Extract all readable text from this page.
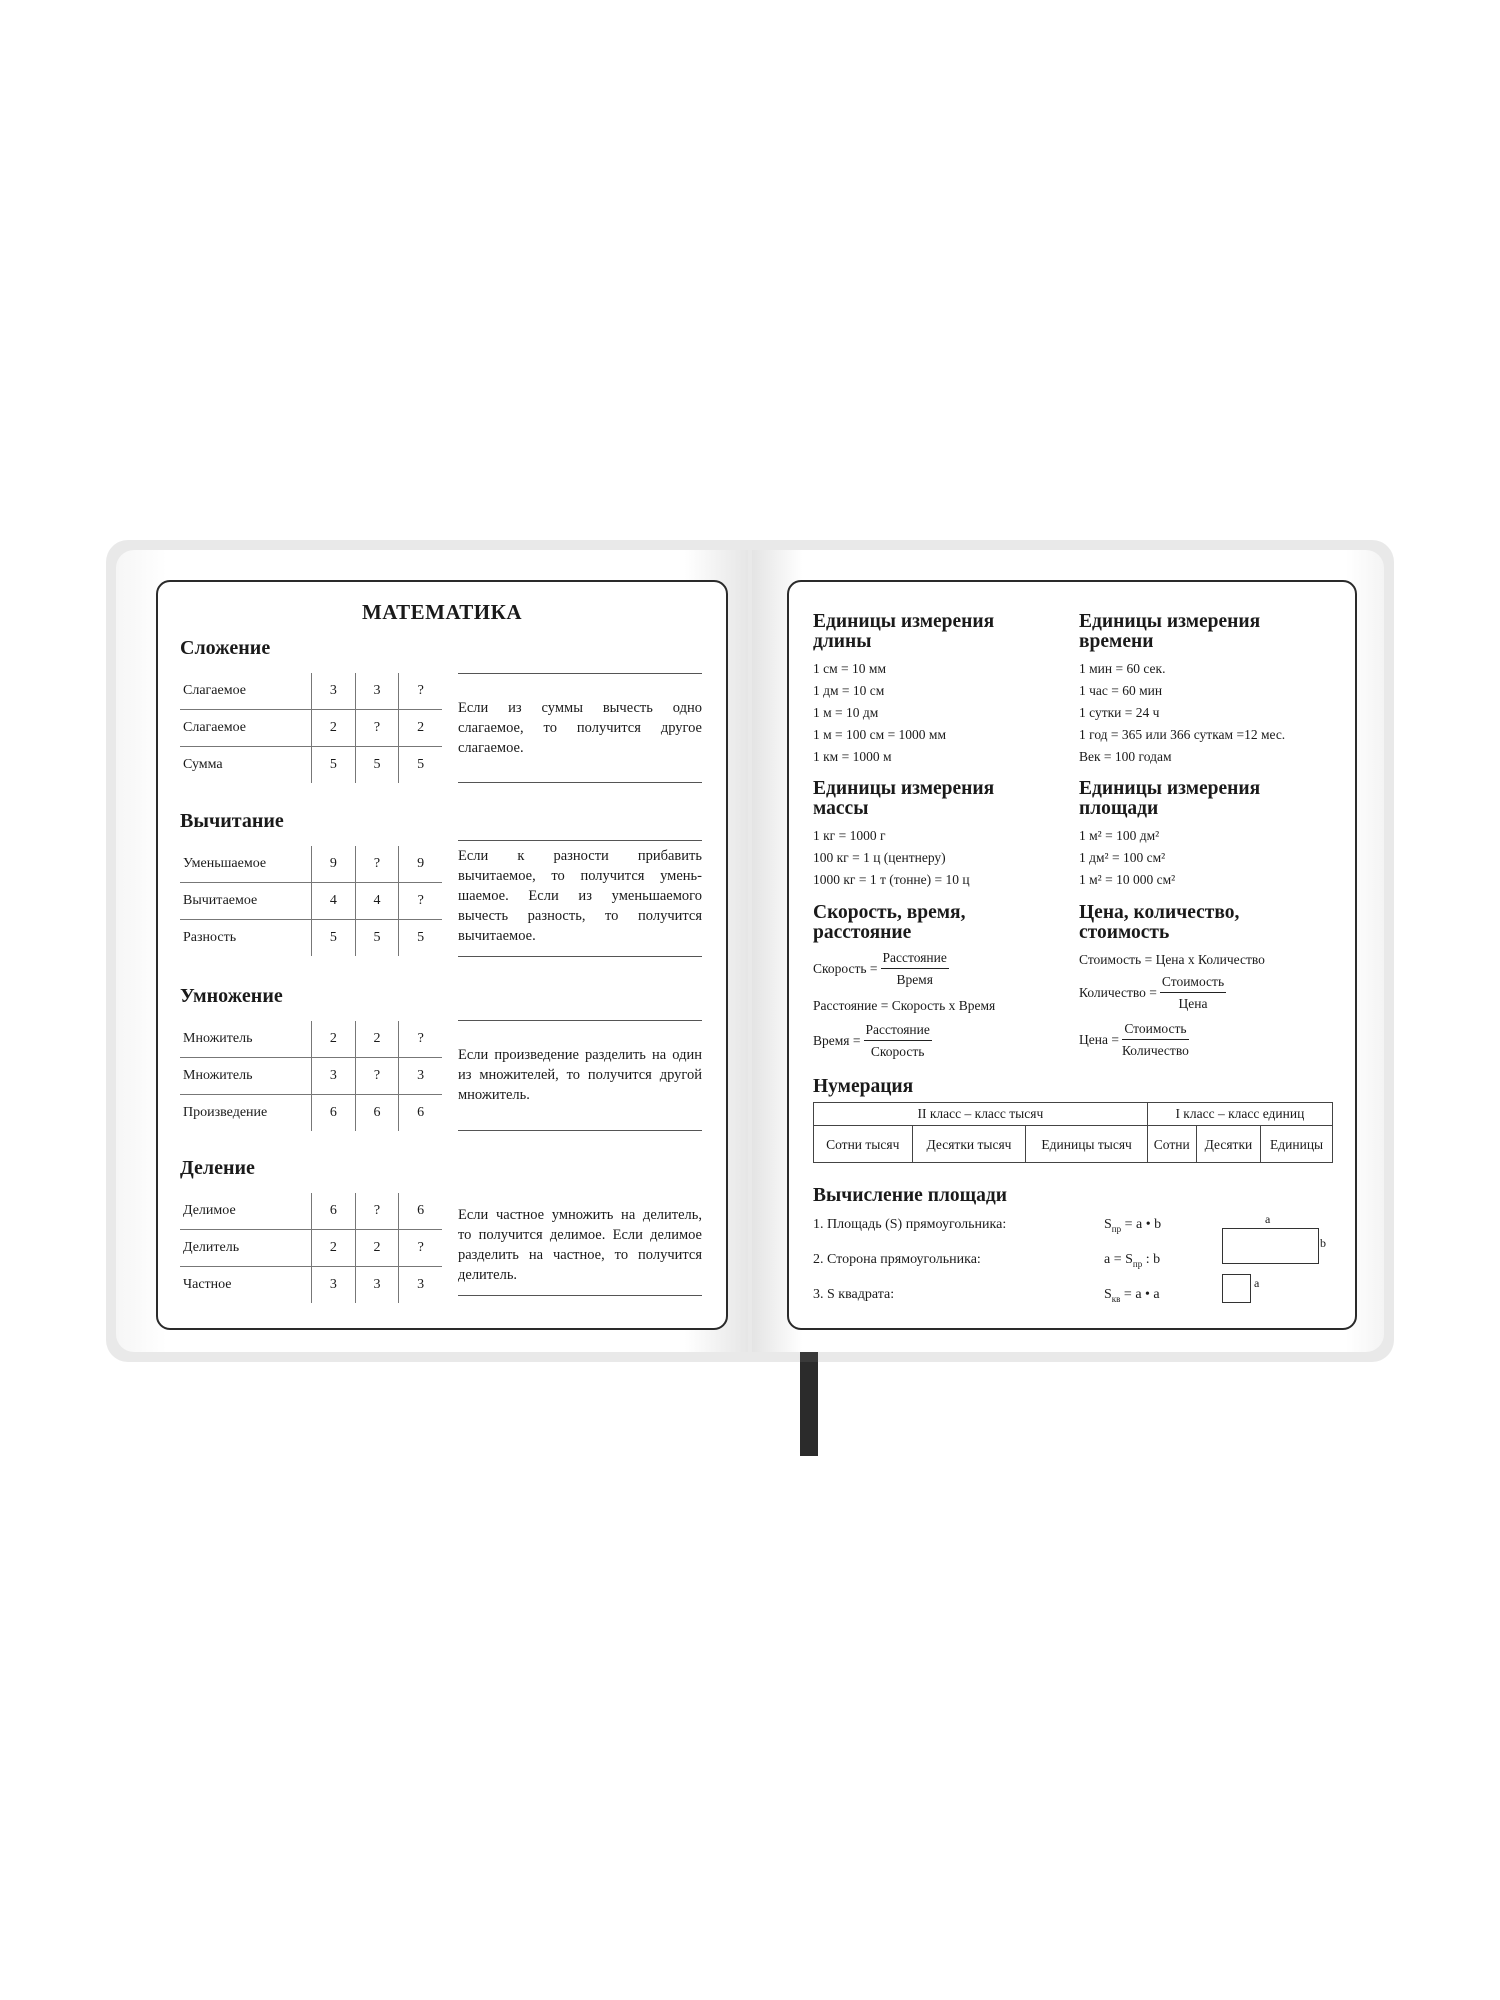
МАТЕМАТИКА
Сложение
Слагаемое	3	3	?
Слагаемое	2	?	2
Сумма	5	5	5
Если из суммы вычесть одно слагаемое, то получится другое слагаемое.
Вычитание
Уменьшаемое	9	?	9
Вычитаемое	4	4	?
Разность	5	5	5
Если к разности прибавить вычитаемое, то получится уменьшаемое. Если из уменьшаемого вычесть разность, то получится вычитаемое.
Умножение
Множитель	2	2	?
Множитель	3	?	3
Произведение	6	6	6
Если произведение разделить на один из множителей, то получится другой множитель.
Деление
Делимое	6	?	6
Делитель	2	2	?
Частное	3	3	3
Если частное умножить на делитель, то получится делимое. Если делимое разделить на частное, то получится делитель.
Единицы измерения длины
1 см = 10 мм
1 дм = 10 см
1 м = 10 дм
1 м = 100 см = 1000 мм
1 км = 1000 м
Единицы измерения времени
1 мин = 60 сек.
1 час = 60 мин
1 сутки = 24 ч
1 год = 365 или 366 суткам =12 мес.
Век = 100 годам
Единицы измерения массы
1 кг = 1000 г
100 кг = 1 ц (центнеру)
1000 кг = 1 т (тонне) = 10 ц
Единицы измерения площади
1 м² = 100 дм²
1 дм² = 100 см²
1 м² = 10 000 см²
Скорость, время, расстояние
Скорость = $\frac{\text{Расстояние}}{\text{Время}}$
Расстояние = Скорость х Время
Время = $\frac{\text{Расстояние}}{\text{Скорость}}$
Цена, количество, стоимость
Стоимость = Цена х Количество
Количество = $\frac{\text{Стоимость}}{\text{Цена}}$
Цена = $\frac{\text{Стоимость}}{\text{Количество}}$
Нумерация
II класс – класс тысяч			I класс – класс единиц		
Сотни тысяч	Десятки тысяч	Единицы тысяч	Сотни	Десятки	Единицы
Вычисление площади
1. Площадь (S) прямоугольника:	$S_{пр} = a$ • b
2. Сторона прямоугольника:	$a = S_{пр}$ : b
3. S квадрата:	$S_{кв} = a$ • a
a
b
a
